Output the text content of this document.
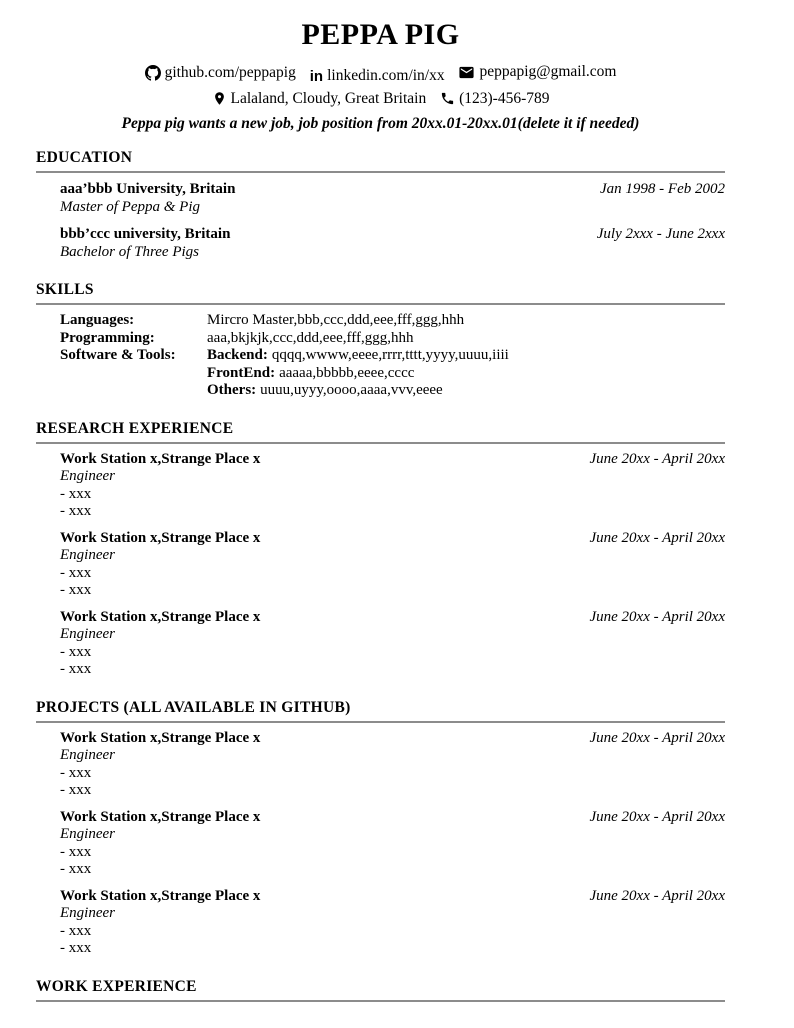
PEPPA PIG
github.com/peppapig
in linkedin.com/in/xx
peppapig@gmail.com
Lalaland, Cloudy, Great Britain
(123)-456-789
Peppa pig wants a new job, job position from 20xx.01-20xx.01(delete it if needed)
EDUCATION
aaa’bbb University, Britain	Jan 1998 - Feb 2002
Master of Peppa & Pig
bbb’ccc university, Britain	July 2xxx - June 2xxx
Bachelor of Three Pigs
SKILLS
Languages:	Mircro Master,bbb,ccc,ddd,eee,fff,ggg,hhh
Programming:	aaa,bkjkjk,ccc,ddd,eee,fff,ggg,hhh
Software & Tools:	Backend: qqqq,wwww,eeee,rrrr,tttt,yyyy,uuuu,iiii
FrontEnd: aaaaa,bbbbb,eeee,cccc
Others: uuuu,uyyy,oooo,aaaa,vvv,eeee
RESEARCH EXPERIENCE
Work Station x,Strange Place x	June 20xx - April 20xx
Engineer
- xxx
- xxx
Work Station x,Strange Place x	June 20xx - April 20xx
Engineer
- xxx
- xxx
Work Station x,Strange Place x	June 20xx - April 20xx
Engineer
- xxx
- xxx
PROJECTS (ALL AVAILABLE IN GITHUB)
Work Station x,Strange Place x	June 20xx - April 20xx
Engineer
- xxx
- xxx
Work Station x,Strange Place x	June 20xx - April 20xx
Engineer
- xxx
- xxx
Work Station x,Strange Place x	June 20xx - April 20xx
Engineer
- xxx
- xxx
WORK EXPERIENCE
